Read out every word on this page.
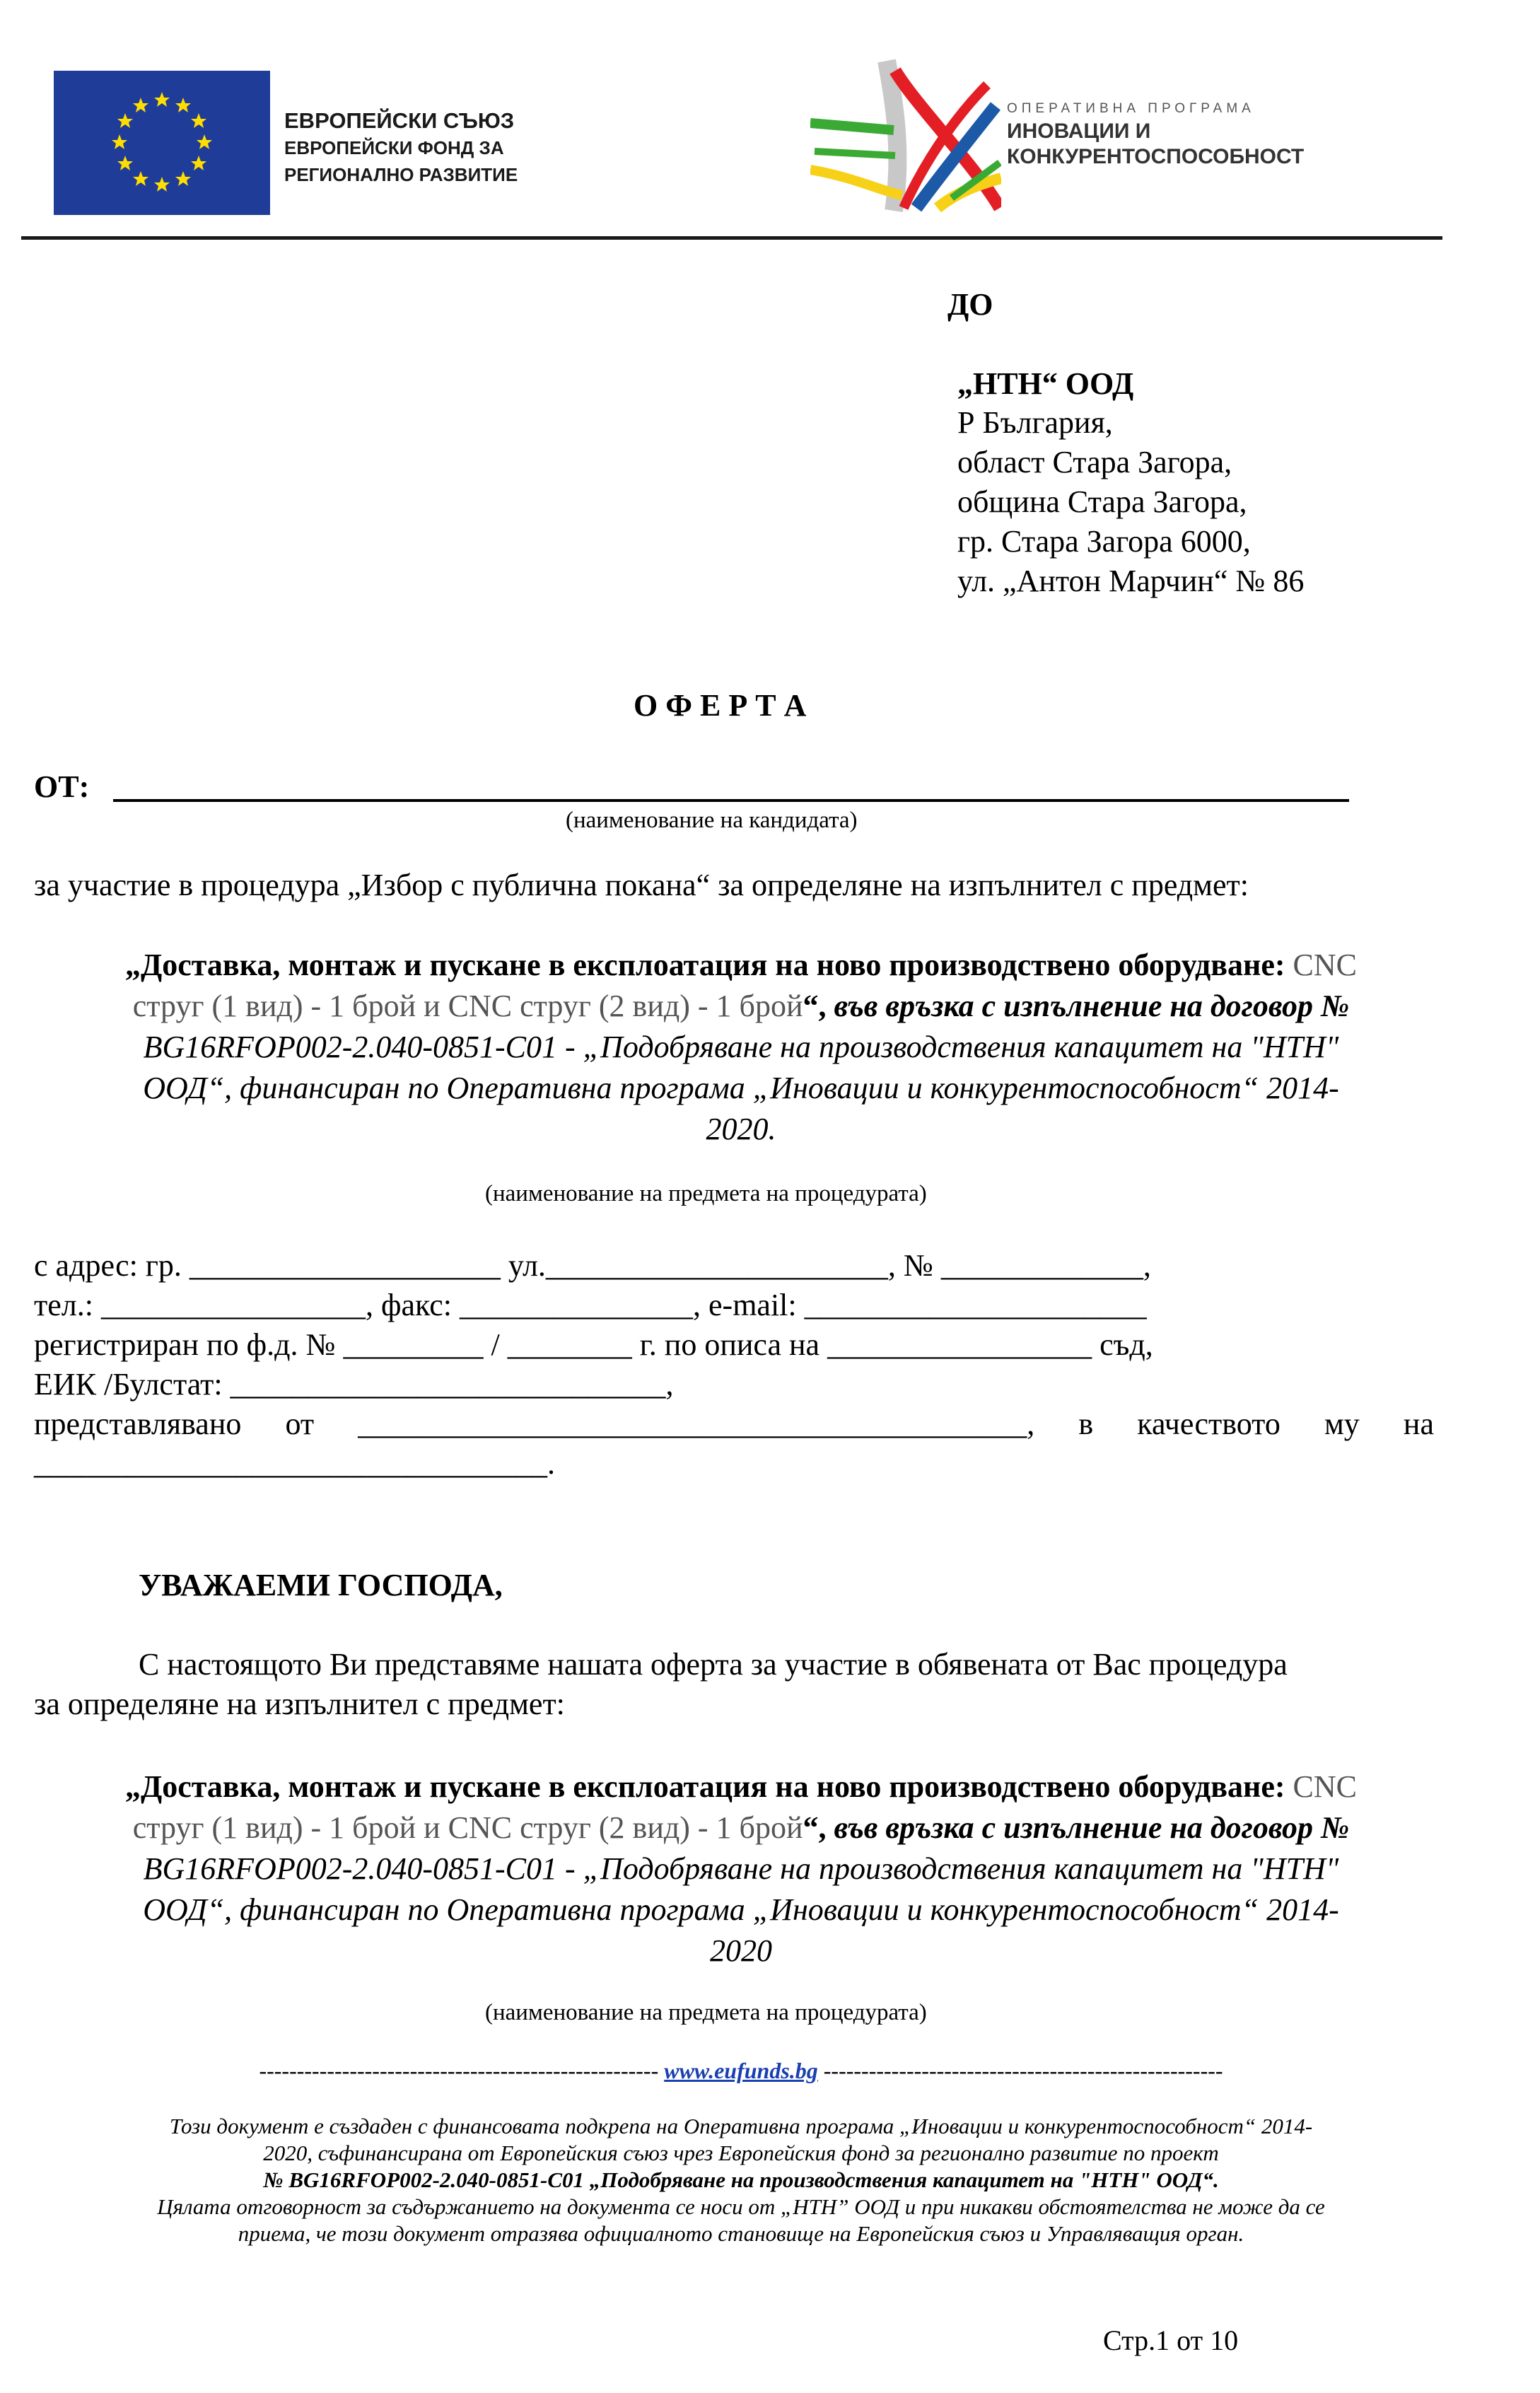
ЕВРОПЕЙСКИ СЪЮЗ
ЕВРОПЕЙСКИ ФОНД ЗА
РЕГИОНАЛНО РАЗВИТИЕ
ОПЕРАТИВНА ПРОГРАМА
ИНОВАЦИИ И
КОНКУРЕНТОСПОСОБНОСТ
ДО
„НТН“ ООД
Р България,
област Стара Загора,
община Стара Загора,
гр. Стара Загора 6000,
ул. „Антон Марчин“ № 86
О Ф Е Р Т А
ОТ:
(наименование на кандидата)
за участие в процедура „Избор с публична покана“ за определяне на изпълнител с предмет:
„Доставка, монтаж и пускане в експлоатация на ново производствено оборудване: CNC
струг (1 вид) - 1 брой и CNC струг (2 вид) - 1 брой“, във връзка с изпълнение на договор №
BG16RFOP002-2.040-0851-С01 - „Подобряване на производствения капацитет на "НТН"
ООД“, финансиран по Оперативна програма „Иновации и конкурентоспособност“ 2014-
2020.
(наименование на предмета на процедурата)
с адрес: гр. ____________________ ул.______________________, № _____________,
тел.: _________________, факс: _______________, e-mail: ______________________
регистриран по ф.д. № _________ / ________ г. по описа на _________________ съд,
ЕИК /Булстат: ____________________________,
представлявано от ___________________________________________, в качеството му на
_________________________________.
УВАЖАЕМИ ГОСПОДА,
С настоящото Ви представяме нашата оферта за участие в обявената от Вас процедура
за определяне на изпълнител с предмет:
„Доставка, монтаж и пускане в експлоатация на ново производствено оборудване: CNC
струг (1 вид) - 1 брой и CNC струг (2 вид) - 1 брой“, във връзка с изпълнение на договор №
BG16RFOP002-2.040-0851-С01 - „Подобряване на производствения капацитет на "НТН"
ООД“, финансиран по Оперативна програма „Иновации и конкурентоспособност“ 2014-
2020
(наименование на предмета на процедурата)
----------------------------------------------------- www.eufunds.bg -----------------------------------------------------
Този документ е създаден с финансовата подкрепа на Оперативна програма „Иновации и конкурентоспособност“ 2014-
2020, съфинансирана от Европейския съюз чрез Европейския фонд за регионално развитие по проект
№ BG16RFOP002-2.040-0851-С01 „Подобряване на производствения капацитет на "НТН" ООД“.
Цялата отговорност за съдържанието на документа се носи от „НТН” ООД и при никакви обстоятелства не може да се
приема, че този документ отразява официалното становище на Европейския съюз и Управляващия орган.
Стр.1 от 10
